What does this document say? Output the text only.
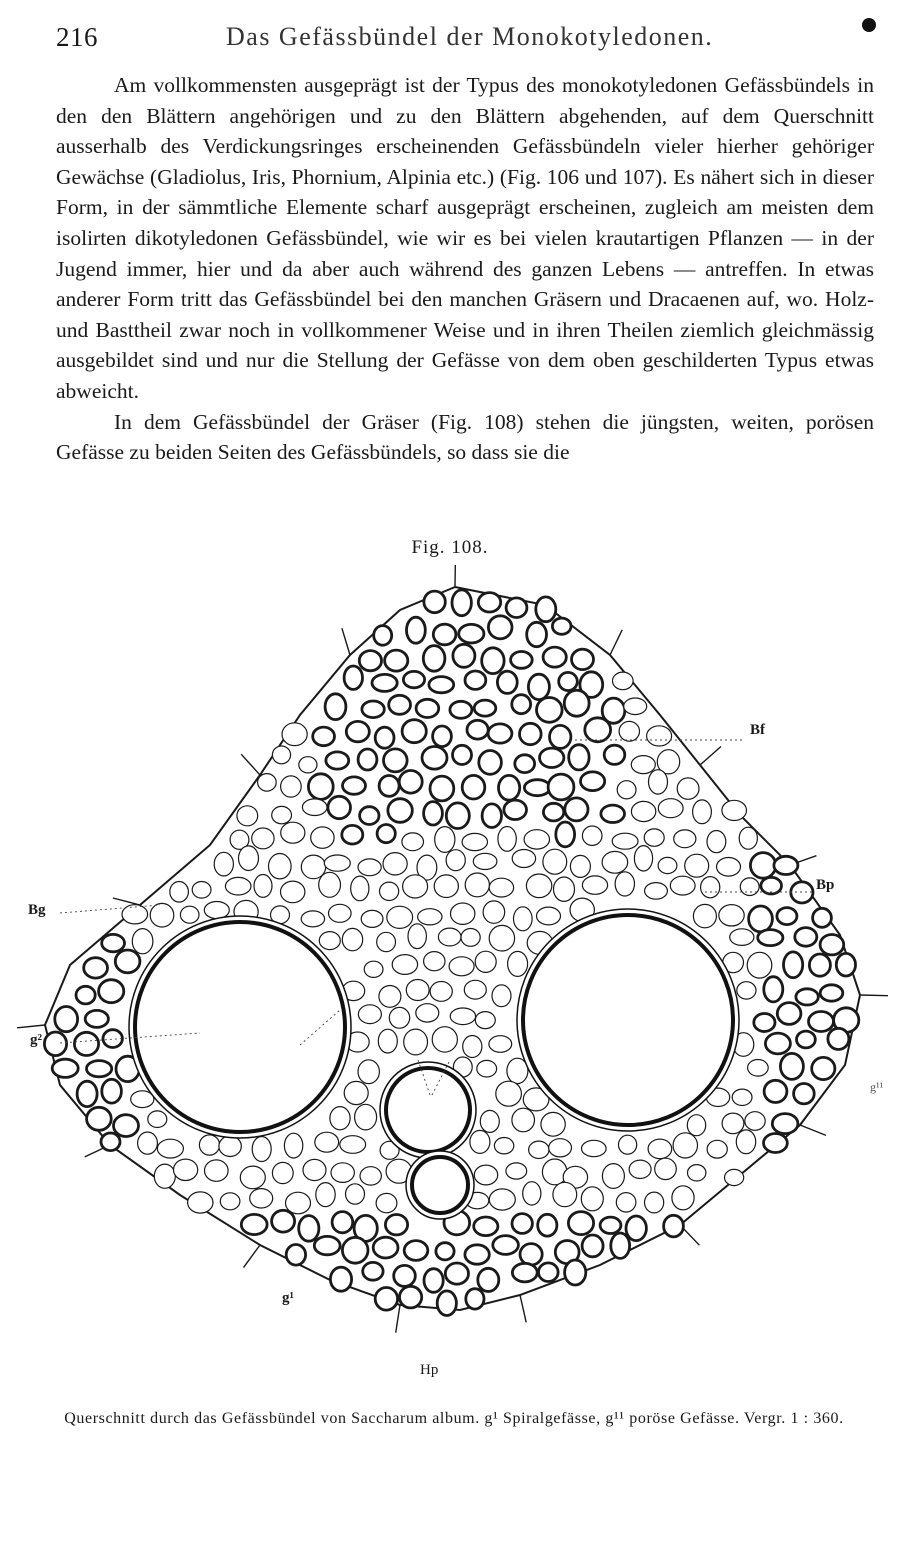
216	Das Gefässbündel der Monokotyledonen.

Am vollkommensten ausgeprägt ist der Typus des monokotyledonen Gefässbündels in den den Blättern angehörigen und zu den Blättern abgehenden, auf dem Querschnitt ausserhalb des Verdickungsringes erscheinenden Gefässbündeln vieler hierher gehöriger Gewächse (Gladiolus, Iris, Phornium, Alpinia etc.) (Fig. 106 und 107). Es nähert sich in dieser Form, in der sämmtliche Elemente scharf ausgeprägt erscheinen, zugleich am meisten dem isolirten dikotyledonen Gefässbündel, wie wir es bei vielen krautartigen Pflanzen — in der Jugend immer, hier und da aber auch während des ganzen Lebens — antreffen. In etwas anderer Form tritt das Gefässbündel bei den manchen Gräsern und Dracaenen auf, wo. Holz- und Basttheil zwar noch in vollkommener Weise und in ihren Theilen ziemlich gleichmässig ausgebildet sind und nur die Stellung der Gefässe von dem oben geschilderten Typus etwas abweicht.

In dem Gefässbündel der Gräser (Fig. 108) stehen die jüngsten, weiten, porösen Gefässe zu beiden Seiten des Gefässbündels, so dass sie die

Fig. 108.
Bf
Bp
Bg
g²
g¹¹
g¹
Hp
Querschnitt durch das Gefässbündel von Saccharum album. g¹ Spiralgefässe, g¹¹ poröse Gefässe. Vergr. 1 : 360.
